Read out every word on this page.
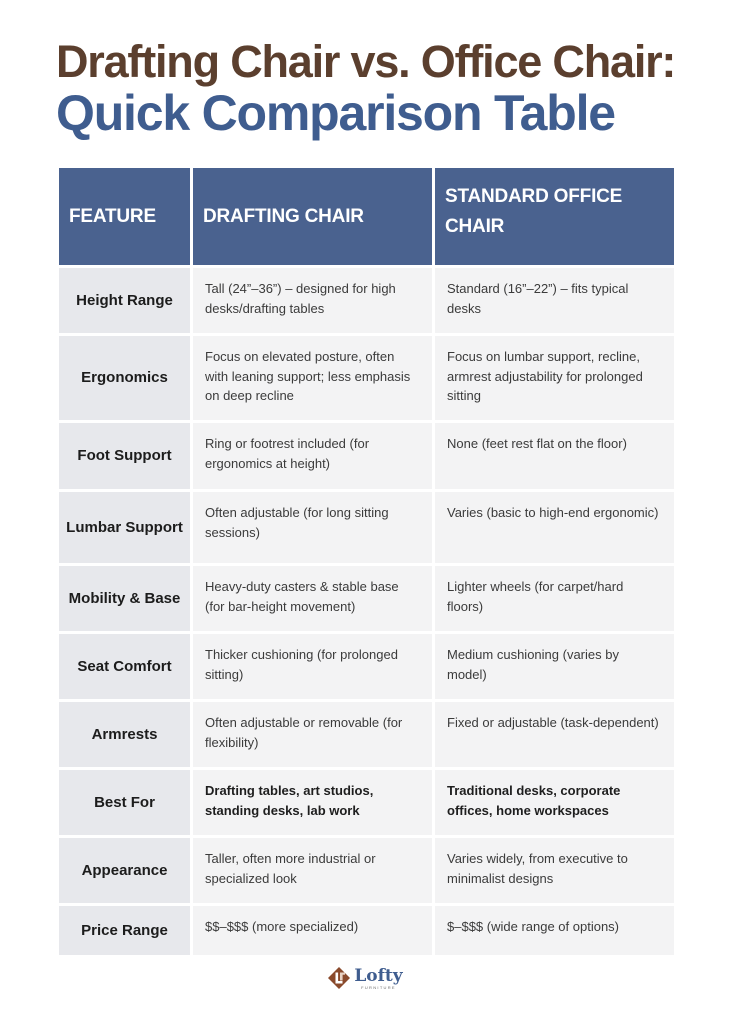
Drafting Chair vs. Office Chair:
Quick Comparison Table
FEATURE	DRAFTING CHAIR	STANDARD OFFICE CHAIR
Height Range	Tall (24”–36”) – designed for high desks/drafting tables	Standard (16”–22”) – fits typical desks
Ergonomics	Focus on elevated posture, often with leaning support; less emphasis on deep recline	Focus on lumbar support, recline, armrest adjustability for prolonged sitting
Foot Support	Ring or footrest included (for ergonomics at height)	None (feet rest flat on the floor)
Lumbar Support	Often adjustable (for long sitting sessions)	Varies (basic to high-end ergonomic)
Mobility & Base	Heavy-duty casters & stable base (for bar-height movement)	Lighter wheels (for carpet/hard floors)
Seat Comfort	Thicker cushioning (for prolonged sitting)	Medium cushioning (varies by model)
Armrests	Often adjustable or removable (for flexibility)	Fixed or adjustable (task-dependent)
Best For	Drafting tables, art studios, standing desks, lab work	Traditional desks, corporate offices, home workspaces
Appearance	Taller, often more industrial or specialized look	Varies widely, from executive to minimalist designs
Price Range	$$–$$$ (more specialized)	$–$$$ (wide range of options)
Lofty
FURNITURE
